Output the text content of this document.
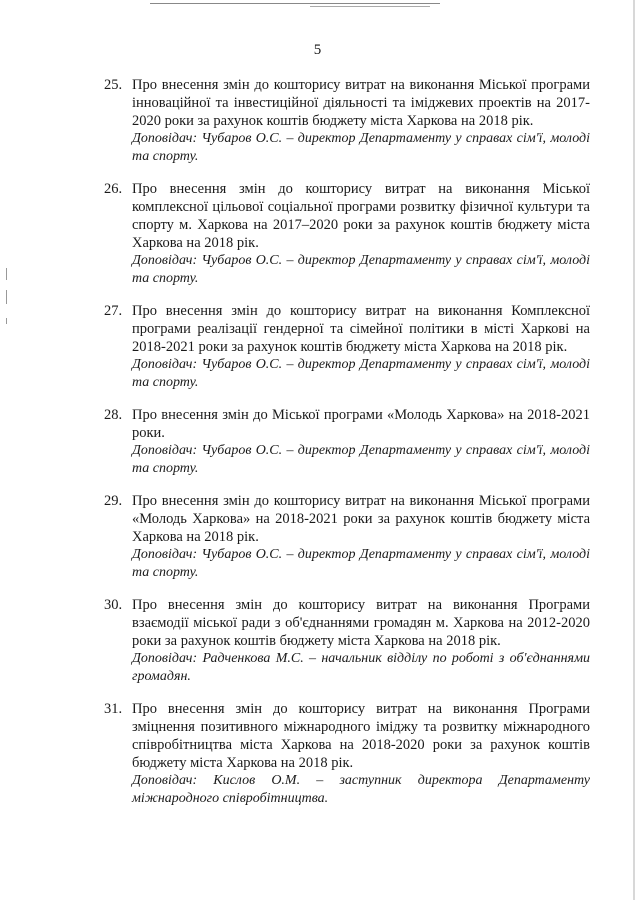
5
25. Про внесення змін до кошторису витрат на виконання Міської програми інноваційної та інвестиційної діяльності та іміджевих проектів на 2017-2020 роки за рахунок коштів бюджету міста Харкова на 2018 рік.
Доповідач: Чубаров О.С. – директор Департаменту у справах сім'ї, молоді та спорту.
26. Про внесення змін до кошторису витрат на виконання Міської комплексної цільової соціальної програми розвитку фізичної культури та спорту м. Харкова на 2017–2020 роки за рахунок коштів бюджету міста Харкова на 2018 рік.
Доповідач: Чубаров О.С. – директор Департаменту у справах сім'ї, молоді та спорту.
27. Про внесення змін до кошторису витрат на виконання Комплексної програми реалізації гендерної та сімейної політики в місті Харкові на 2018-2021 роки за рахунок коштів бюджету міста Харкова на 2018 рік.
Доповідач: Чубаров О.С. – директор Департаменту у справах сім'ї, молоді та спорту.
28. Про внесення змін до Міської програми «Молодь Харкова» на 2018-2021 роки.
Доповідач: Чубаров О.С. – директор Департаменту у справах сім'ї, молоді та спорту.
29. Про внесення змін до кошторису витрат на виконання Міської програми «Молодь Харкова» на 2018-2021 роки за рахунок коштів бюджету міста Харкова на 2018 рік.
Доповідач: Чубаров О.С. – директор Департаменту у справах сім'ї, молоді та спорту.
30. Про внесення змін до кошторису витрат на виконання Програми взаємодії міської ради з об'єднаннями громадян м. Харкова на 2012-2020 роки за рахунок коштів бюджету міста Харкова на 2018 рік.
Доповідач: Радченкова М.С. – начальник відділу по роботі з об'єднаннями громадян.
31. Про внесення змін до кошторису витрат на виконання Програми зміцнення позитивного міжнародного іміджу та розвитку міжнародного співробітництва міста Харкова на 2018-2020 роки за рахунок коштів бюджету міста Харкова на 2018 рік.
Доповідач: Кислов О.М. – заступник директора Департаменту міжнародного співробітництва.
